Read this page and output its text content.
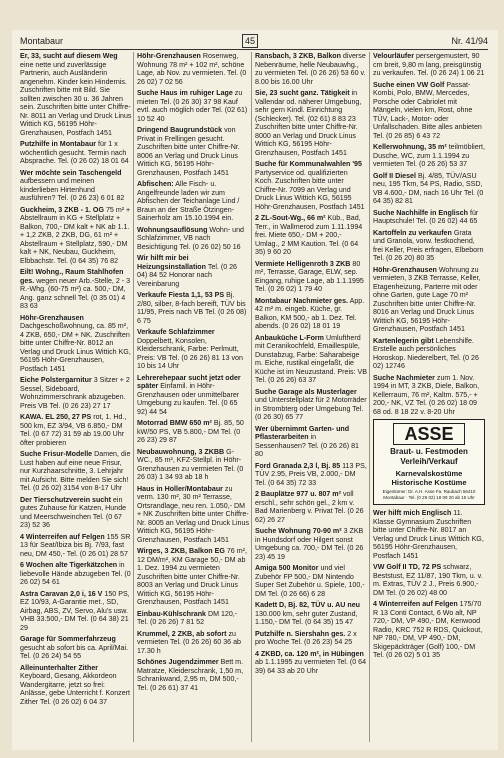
Montabaur	45	Nr. 41/94
Er, 33, sucht auf diesem Weg eine nette und zuverlässige Partnerin, auch Ausländerin angenehm. Kinder kein Hindernis. Zuschriften bitte mit Bild. Sie sollten zwischen 30 u. 36 Jahren sein. Zuschriften bitte unter Chiffre-Nr. 8011 an Verlag und Druck Linus Wittich KG, 56195 Höhr-Grenzhausen, Postfach 1451
Putzhilfe in Montabaur für 1 x wöchentlich gesucht. Termin nach Absprache. Tel. (0 26 02) 18 01 64
Wer möchte sein Taschengeld aufbessern und meinen kinderlieben Hirtenhund ausführen? Tel. (0 26 23) 6 01 82
Guckheim, 3 ZKB - 1. OG 75 m² + Abstellraum in KG + Stellplatz + Balkon, 700,- DM kalt + NK ab 1.1. + 1,2 ZKB, 2 ZKB, DG, 61 m² + Abstellraum + Stellplatz, 590,- DM kalt + NK, Neubau, Guckheim, Elbbachstr. Tel. (0 64 35) 76 82
Eilt! Wohng., Raum Stahlhofen ges. wegen neuer Arb.-Stelle, 2 - 3 R.-Whg. (60-75 m²) ca. 500,- DM, Ang. ganz schnell Tel. (0 35 01) 4 83 63
Höhr-Grenzhausen Dachgeschoßwohnung, ca. 85 m², 4 ZKB, 650,- DM + NK. Zuschriften bitte unter Chiffre-Nr. 8012 an Verlag und Druck Linus Wittich KG, 56195 Höhr-Grenzhausen, Postfach 1451
Eiche Polstergarnitur 3 Sitzer + 2 Sessel, Sideboard, Wohnzimmerschrank abzugeben. Preis VB Tel. (0 26 23) 27 17
KAWA. EL 250, 27 PS rot, 1. Hd., 500 km, EZ 3/94, VB 6.850,- DM Tel. (0 67 72) 31 59 ab 19.00 Uhr öfter probieren
Suche Frisur-Modelle Damen, die Lust haben auf eine neue Frisur, nur Kurzhaarschnitte, 3. Lehrjahr mit Aufsicht. Bitte melden Sie sich! Tel. (0 26 02) 3154 von 8-17 Uhr
Der Tierschutzverein sucht ein gutes Zuhause für Katzen, Hunde und Meerschweinchen Tel. (0 67 23) 52 36
4 Winterreifen auf Felgen 155 SR 13 für Seat/Ibiza bis Bj. 7/93, fast neu, DM 450,- Tel. (0 26 01) 28 57
6 Wochen alte Tigerkätzchen in liebevolle Hände abzugeben Tel. (0 26 02) 54 61
Astra Caravan 2,0 i, 16 V 150 PS, EZ 10/93, A-Garantie met., SD, Airbag, ABS, ZV, Servo, Alu's usw. VHB 33.500,- DM Tel. (0 64 38) 21 29
Garage für Sommerfahrzeug gesucht ab sofort bis ca. April/Mai. Tel. (0 26 24) 54 55
Alleinunterhalter Zither Keyboard, Gesang, Akkordeon Wandergitarre, jetzt so frei: Anlässe, gebe Unterricht f. Konzert Zither Tel. (0 26 02) 6 04 37
Höhr-Grenzhausen Rosenweg, Wohnung 78 m² + 102 m², schöne Lage, ab Nov. zu vermieten. Tel. (0 26 02) 7 02 56
Suche Haus im ruhiger Lage zu mieten Tel. (0 26 30) 37 98 Kauf evtl. auch möglich oder Tel. (02 61) 10 52 40
Dringend Baugrundstück von Privat in Frellingen gesucht. Zuschriften bitte unter Chiffre-Nr. 8006 an Verlag und Druck Linus Wittich KG, 56195 Höhr-Grenzhausen, Postfach 1451
Abfischen: Alle Fisch- u. Angelfreunde laden wir zum Abfischen der Teichanlage Lind / Braun an der Straße Ötzingen-Sainerholz am 15.10.1994 ein.
Wohnungsauflösung Wohn- und Schlafzimmer, VB nach Besichtigung Tel. (0 26 02) 50 16
Wir hilft mir bei Heizungsinstallation Tel. (0 26 04) 84 52 Honorar nach Vereinbarung
Verkaufe Fiesta 1,1, 53 PS Bj. 2/80, silber, 8-fach bereift, TÜV bis 11/95, Preis nach VB Tel. (0 26 08) 6 75
Verkaufe Schlafzimmer Doppelbett, Konsolen, Kleiderschrank, Farbe: Perlmutt, Preis: VB Tel. (0 26 26) 81 13 von 10 bis 14 Uhr
Lehrerehepaar sucht jetzt oder später Einfamil. in Höhr-Grenzhausen oder unmittelbarer Umgebung zu kaufen. Tel. (0 65 92) 44 54
Motorrad BMW 650 m² Bj. 85, 50 kW/50 PS, VB 5.800,- DM Tel. (0 26 23) 29 87
Neubauwohnung, 3 ZKBB G-WC., 85 m², KFZ-Stellpl. in Höhr-Grenzhausen zu vermieten Tel. (0 26 03) 1 34 93 ab 18 h
Haus in Holler/Montabaur zu verm. 130 m², 30 m² Terrasse, Ortsrandlage, neu ren. 1.050,- DM + NK Zuschriften bitte unter Chiffre-Nr. 8005 an Verlag und Druck Linus Wittich KG, 56195 Höhr-Grenzhausen, Postfach 1451
Wirges, 3 ZKB, Balkon EG 76 m², 12 DM/m², KM Garage 50,- DM ab 1. Dez. 1994 zu vermieten Zuschriften bitte unter Chiffre-Nr. 8003 an Verlag und Druck Linus Wittich KG, 56195 Höhr-Grenzhausen, Postfach 1451
Einbau-Kühlschrank DM 120,- Tel. (0 26 26) 7 81 52
Krummel, 2 ZKB, ab sofort zu vermieten Tel. (0 26 26) 60 36 ab 17.30 h
Schönes Jugendzimmer Bett m. Matratze, Kleiderschrank, 1,50 m, Schrankwand, 2,95 m, DM 500,- Tel. (0 26 61) 37 41
Ransbach, 3 ZKB, Balkon diverse Nebenräume, helle Neubauwhg., zu vermieten Tel. (0 26 26) 53 60 v. 8.00 bis 16.00 Uhr
Sie, 23 sucht ganz. Tätigkeit in Vallendar od. näherer Umgebung, sehr gern Kindl. Einrichtung (Schlecker). Tel. (02 61) 8 83 23 Zuschriften bitte unter Chiffre-Nr. 8000 an Verlag und Druck Linus Wittich KG, 56195 Höhr-Grenzhausen, Postfach 1451
Suche für Kommunalwahlen '95 Partyservice od. qualifizierten Koch. Zuschriften bitte unter Chiffre-Nr. 7099 an Verlag und Druck Linus Wittich KG, 56195 Höhr-Grenzhausen, Postfach 1451
2 ZL-Sout-Wg., 66 m² Küb., Bad, Terr., in Wallmerod zum 1.11.1994 frei. Miete 650,- DM + 200,- Umlag., 2 MM Kaution. Tel. (0 64 35) 9 60 20
Vermiete Helligenroth 3 ZKB 80 m², Terrasse, Garage, ELW, sep. Eingang, ruhige Lage, ab 1.1.1995 Tel. (0 26 02) 1 79 40
Montabaur Nachmieter ges. App. 42 m² m. eingeb. Küche, gr. Balkon, KM 500,- ab 1. Dez. Tel. abends. (0 26 02) 18 01 19
Anbauküche L-Form Umluftherd mit Ceranikochfeld, Emaillespüle, Dunstabzug, Farbe: Saharabeige m. Eiche, rustikal eingefaßt, die Küche ist im Neuzustand. Preis: VB Tel. (0 26 26) 63 37
Suche Garage als Musterlager und Unterstellplatz für 2 Motorräder in Strombterg oder Umgebung Tel. (0 26 30) 65 77
Wer übernimmt Garten- und Pflasterarbeiten in Sessenhausen? Tel. (0 26 26) 81 80
Ford Granada 2,3 l, Bj. 85 113 PS, TÜV 2.95, Preis VB, 2.000,- DM Tel. (0 64 35) 72 33
2 Bauplätze 977 u. 807 m² voll erschl., sehr schön gel., 2 km v. Bad Marienberg v. Privat Tel. (0 26 62) 26 27
Suche Wohnung 70-90 m² 3 ZKB in Hundsdorf oder Hilgert sonst Umgebung ca. 700,- DM Tel. (0 26 23) 45 19
Amiga 500 Monitor und viel Zubehör FP 500,- DM Nintendo Super Set Zubehör u. Spiele, 100,- DM Tel. (0 26 66) 6 28
Kadett D, Bj. 82, TÜV u. AU neu 130.000 km, sehr guter Zustand, 1.150,- DM Tel. (0 64 35) 15 47
Putzhilfe n. Siershahn ges. 2 x pro Woche Tel. (0 26 23) 54 25
4 ZKBD, ca. 120 m², in Hübingen ab 1.1.1995 zu vermieten Tel. (0 64 39) 64 33 ab 20 Uhr
Velourläufer persergemustert, 90 cm breit, 9,80 m lang, preisgünstig zu verkaufen. Tel. (0 26 24) 1 06 21
Suche einen VW Golf Passat-Kombi, Polo, BMW, Mercedes, Porsche oder Cabriolet mit Mängeln, vielen km, Rost, ohne TÜV, Lack-, Motor- oder Unfallschaden. Bitte alles anbieten Tel. (0 26 85) 6 43 72
Kellerwohnung, 35 m² teilmöbliert, Dusche, WC, zum 1.1.1994 zu vermieten Tel. (0 26 26) 53 37
Golf II Diesel Bj. 4/85, TÜV/ASU neu, 195 Tkm, 54 PS, Radio, SSD, VB 4.600,- DM, nach 16 Uhr Tel. (0 64 35) 82 81
Suche Nachhilfe in Englisch für Hauptschule! Tel. (0 26 02) 44 65
Kartoffeln zu verkaufen Grata und Granola, vorw. festkochend, frei Keller, Preis erfragen, Elbeborn Tel. (0 26 20) 80 35
Höhr-Grenzhausen Wohnung zu vermieten, 3 ZKB Terrasse, Keller, Etagenheizung, Parterre mit oder ohne Garten, gute Lage 70 m² Zuschriften bitte unter Chiffre-Nr. 8016 an Verlag und Druck Linus Wittich KG, 56195 Höhr-Grenzhausen, Postfach 1451
Kartenlegerin gibt Lebenshilfe. Erstelle auch persönliches Horoskop. Niederelbert, Tel. (0 26 02) 12746
Suche Nachmieter zum 1. Nov. 1994 in MT, 3 ZKB, Diele, Balkon, Kellerraum, 76 m², Kaltm. 575,- + 200,- NK, VZ Tel. (0 26 02) 18 09 68 od. 8 18 22 v. 8-20 Uhr
ASSE
Braut- u. Festmoden Verleih/Verkauf
Karnevalskostüme Historische Kostüme
Eigentümer: Dr. A.H. Asse Fa. Raubach 56410 Montabaur · Tel. (0 26 02) 18 09 20 ab 15 Uhr
Wer hilft mich Englisch 11. Klasse Gymnasium Zuschriften bitte unter Chiffre-Nr. 8017 an Verlag und Druck Linus Wittich KG, 56195 Höhr-Grenzhausen, Postfach 1451
VW Golf II TD, 72 PS schwarz, Beststust, EZ 11/87, 190 Tkm, u. v. m. Extras, TÜV 2 J., Preis 6.900,- DM Tel. (0 26 02) 48 00
4 Winterreifen auf Felgen 175/70 R 13 Conti Contact, 6 Wo alt, NP 720,- DM, VP 490,- DM, Kenwood Radio, KRC 752 R RDS, Quickout, NP 780,- DM, VP 490,- DM, Skigepäckträger (Golf) 100,- DM Tel. (0 26 02) 5 01 35
